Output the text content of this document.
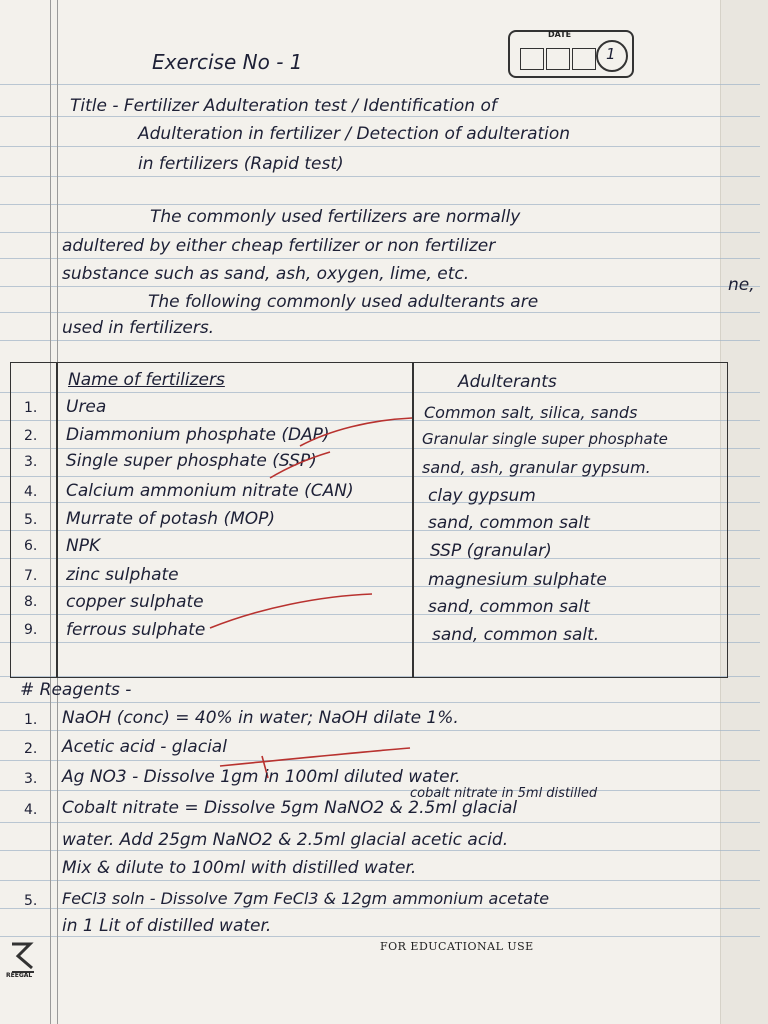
Exercise No - 1
DATE
1
Title - Fertilizer Adulteration test / Identification of
Adulteration in fertilizer / Detection of adulteration
in fertilizers (Rapid test)
The commonly used fertilizers are normally
adultered by either cheap fertilizer or non fertilizer
substance such as sand, ash, oxygen, lime, etc.
The following commonly used adulterants are
used in fertilizers.
ne,
Name of fertilizers	Adulterants
1. Urea	Common salt, silica, sands
2. Diammonium phosphate (DAP)	Granular single super phosphate
3. Single super phosphate (SSP)	sand, ash, granular gypsum.
4. Calcium ammonium nitrate (CAN)	clay gypsum
5. Murrate of potash (MOP)	sand, common salt
6. NPK	SSP (granular)
7. zinc sulphate	magnesium sulphate
8. copper sulphate	sand, common salt
9. ferrous sulphate	sand, common salt.
# Reagents -
1. NaOH (conc) = 40% in water; NaOH dilate 1%.
2. Acetic acid - glacial
3. Ag NO3 - Dissolve 1gm in 100ml diluted water.
cobalt nitrate in 5ml distilled
4. Cobalt nitrate = Dissolve 5gm NaNO2 & 2.5ml glacial
water. Add 25gm NaNO2 & 2.5ml glacial acetic acid.
Mix & dilute to 100ml with distilled water.
5. FeCl3 soln - Dissolve 7gm FeCl3 & 12gm ammonium acetate
in 1 Lit of distilled water.
REEGAL
FOR EDUCATIONAL USE
